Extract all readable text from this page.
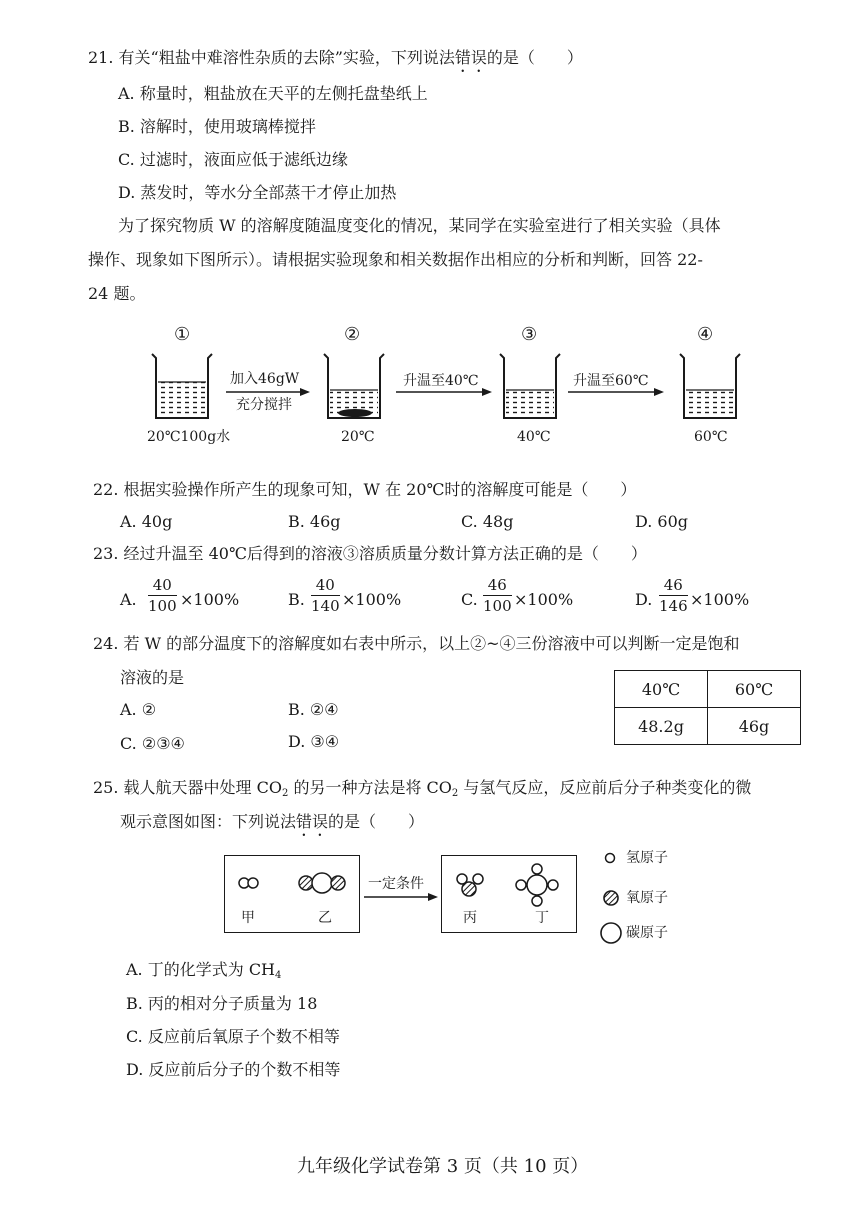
21. 有关“粗盐中难溶性杂质的去除”实验，下列说法错误的是（　　）
A. 称量时，粗盐放在天平的左侧托盘垫纸上
B. 溶解时，使用玻璃棒搅拌
C. 过滤时，液面应低于滤纸边缘
D. 蒸发时，等水分全部蒸干才停止加热
为了探究物质 W 的溶解度随温度变化的情况，某同学在实验室进行了相关实验（具体
操作、现象如下图所示）。请根据实验现象和相关数据作出相应的分析和判断，回答 22-
24 题。
①	②	③	④
加入46gW
充分搅拌
升温至40℃	升温至60℃
20℃100g水	20℃	40℃	60℃
22. 根据实验操作所产生的现象可知，W 在 20℃时的溶解度可能是（　　）
A. 40g	B. 46g	C. 48g	D. 60g
23. 经过升温至 40℃后得到的溶液③溶质质量分数计算方法正确的是（　　）
A. $\frac{40}{100} \times 100\%$	B. $\frac{40}{140} \times 100\%$	C. $\frac{46}{100} \times 100\%$	D. $\frac{46}{146} \times 100\%$
24. 若 W 的部分温度下的溶解度如右表中所示，以上②~④三份溶液中可以判断一定是饱和
溶液的是
A. ②	B. ②④
C. ②③④	D. ③④
40℃	60℃
48.2g	46g
25. 载人航天器中处理 $CO_2$ 的另一种方法是将 $CO_2$ 与氢气反应，反应前后分子种类变化的微
观示意图如图：下列说法错误的是（　　）
甲	乙	丙	丁
一定条件
氢原子
氧原子
碳原子
A. 丁的化学式为 $CH_4$
B. 丙的相对分子质量为 18
C. 反应前后氧原子个数不相等
D. 反应前后分子的个数不相等
九年级化学试卷第 3 页（共 10 页）
